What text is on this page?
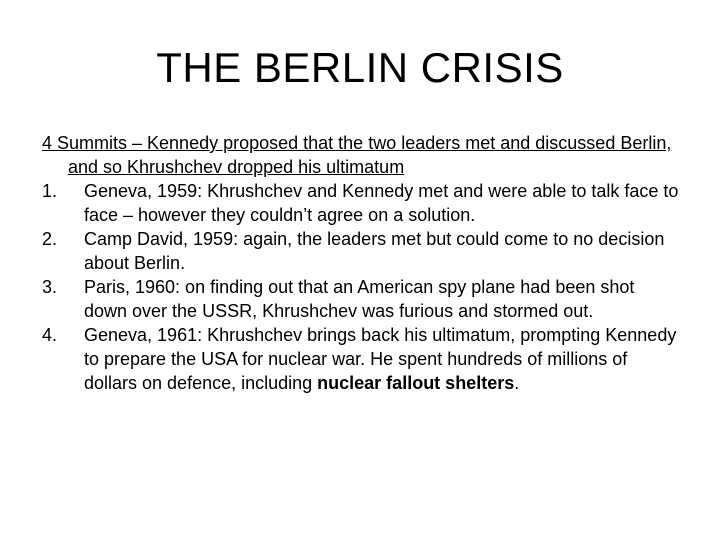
THE BERLIN CRISIS
4 Summits – Kennedy proposed that the two leaders met and discussed Berlin, and so Khrushchev dropped his ultimatum
1. Geneva, 1959: Khrushchev and Kennedy met and were able to talk face to face – however they couldn’t agree on a solution.
2. Camp David, 1959: again, the leaders met but could come to no decision about Berlin.
3. Paris, 1960: on finding out that an American spy plane had been shot down over the USSR, Khrushchev was furious and stormed out.
4. Geneva, 1961: Khrushchev brings back his ultimatum, prompting Kennedy to prepare the USA for nuclear war. He spent hundreds of millions of dollars on defence, including nuclear fallout shelters.
